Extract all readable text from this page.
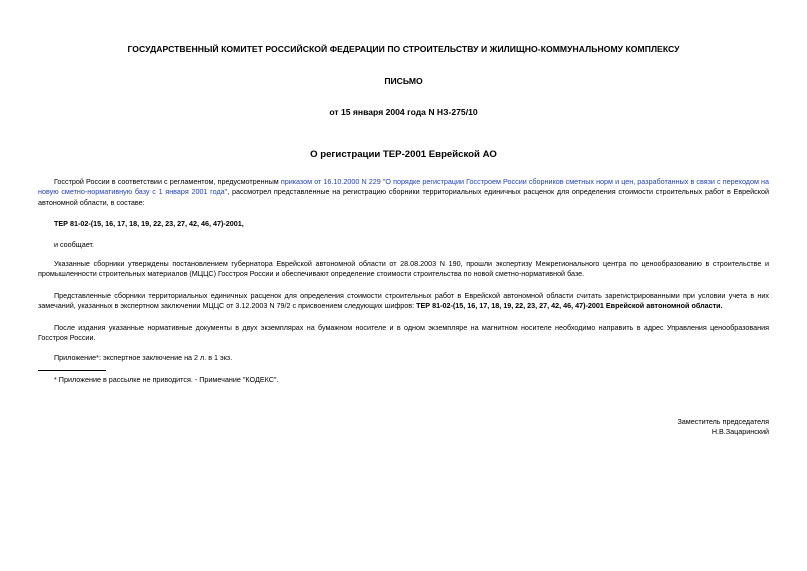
ГОСУДАРСТВЕННЫЙ КОМИТЕТ РОССИЙСКОЙ ФЕДЕРАЦИИ ПО СТРОИТЕЛЬСТВУ И ЖИЛИЩНО-КОММУНАЛЬНОМУ КОМПЛЕКСУ
ПИСЬМО
от 15 января 2004 года N НЗ-275/10
О регистрации ТЕР-2001 Еврейской АО
Госстрой России в соответствии с регламентом, предусмотренным приказом от 16.10.2000 N 229 "О порядке регистрации Госстроем России сборников сметных норм и цен, разработанных в связи с переходом на новую сметно-нормативную базу с 1 января 2001 года", рассмотрел представленные на регистрацию сборники территориальных единичных расценок для определения стоимости строительных работ в Еврейской автономной области, в составе:
ТЕР 81-02-(15, 16, 17, 18, 19, 22, 23, 27, 42, 46, 47)-2001,
и сообщает.
Указанные сборники утверждены постановлением губернатора Еврейской автономной области от 28.08.2003 N 190, прошли экспертизу Межрегионального центра по ценообразованию в строительстве и промышленности строительных материалов (МЦЦС) Госстроя России и обеспечивают определение стоимости строительства по новой сметно-нормативной базе.
Представленные сборники территориальных единичных расценок для определения стоимости строительных работ в Еврейской автономной области считать зарегистрированными при условии учета в них замечаний, указанных в экспертном заключении МЦЦС от 3.12.2003 N 79/2 с присвоением следующих шифров: ТЕР 81-02-(15, 16, 17, 18, 19, 22, 23, 27, 42, 46, 47)-2001 Еврейской автономной области.
После издания указанные нормативные документы в двух экземплярах на бумажном носителе и в одном экземпляре на магнитном носителе необходимо направить в адрес Управления ценообразования Госстроя России.
Приложение*: экспертное заключение на 2 л. в 1 экз.
* Приложение в рассылке не приводится. - Примечание "КОДЕКС".
Заместитель председателя
Н.В.Зацаринский
